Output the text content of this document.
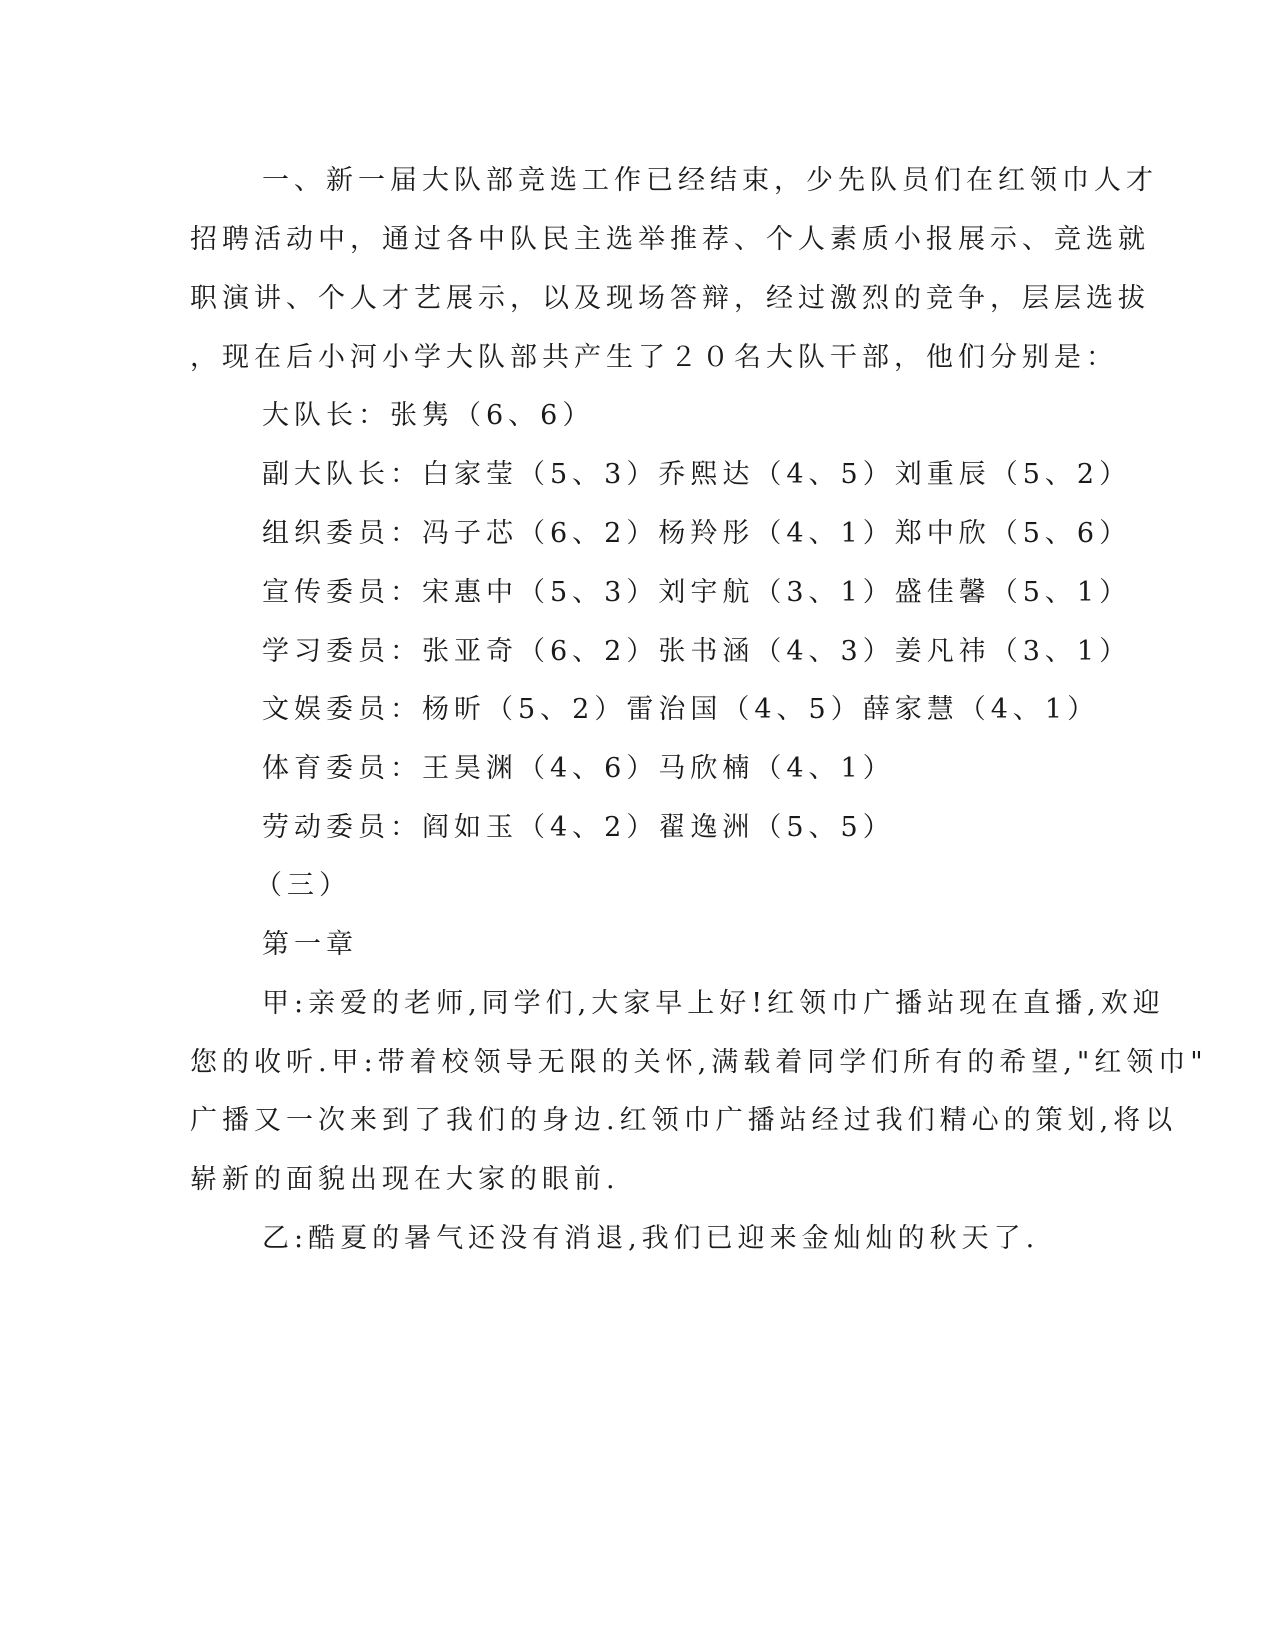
一、新一届大队部竞选工作已经结束，少先队员们在红领巾人才
招聘活动中，通过各中队民主选举推荐、个人素质小报展示、竞选就
职演讲、个人才艺展示，以及现场答辩，经过激烈的竞争，层层选拔
，现在后小河小学大队部共产生了２０名大队干部，他们分别是：
大队长：张隽（6、6）
副大队长：白家莹（5、3）乔熙达（4、5）刘重辰（5、2）
组织委员：冯子芯（6、2）杨羚彤（4、1）郑中欣（5、6）
宣传委员：宋惠中（5、3）刘宇航（3、1）盛佳馨（5、1）
学习委员：张亚奇（6、2）张书涵（4、3）姜凡祎（3、1）
文娱委员：杨昕（5、2）雷治国（4、5）薛家慧（4、1）
体育委员：王昊渊（4、6）马欣楠（4、1）
劳动委员：阎如玉（4、2）翟逸洲（5、5）
（三）
第一章
甲:亲爱的老师,同学们,大家早上好!红领巾广播站现在直播,欢迎
您的收听.甲:带着校领导无限的关怀,满载着同学们所有的希望,"红领巾"
广播又一次来到了我们的身边.红领巾广播站经过我们精心的策划,将以
崭新的面貌出现在大家的眼前.
乙:酷夏的暑气还没有消退,我们已迎来金灿灿的秋天了.
